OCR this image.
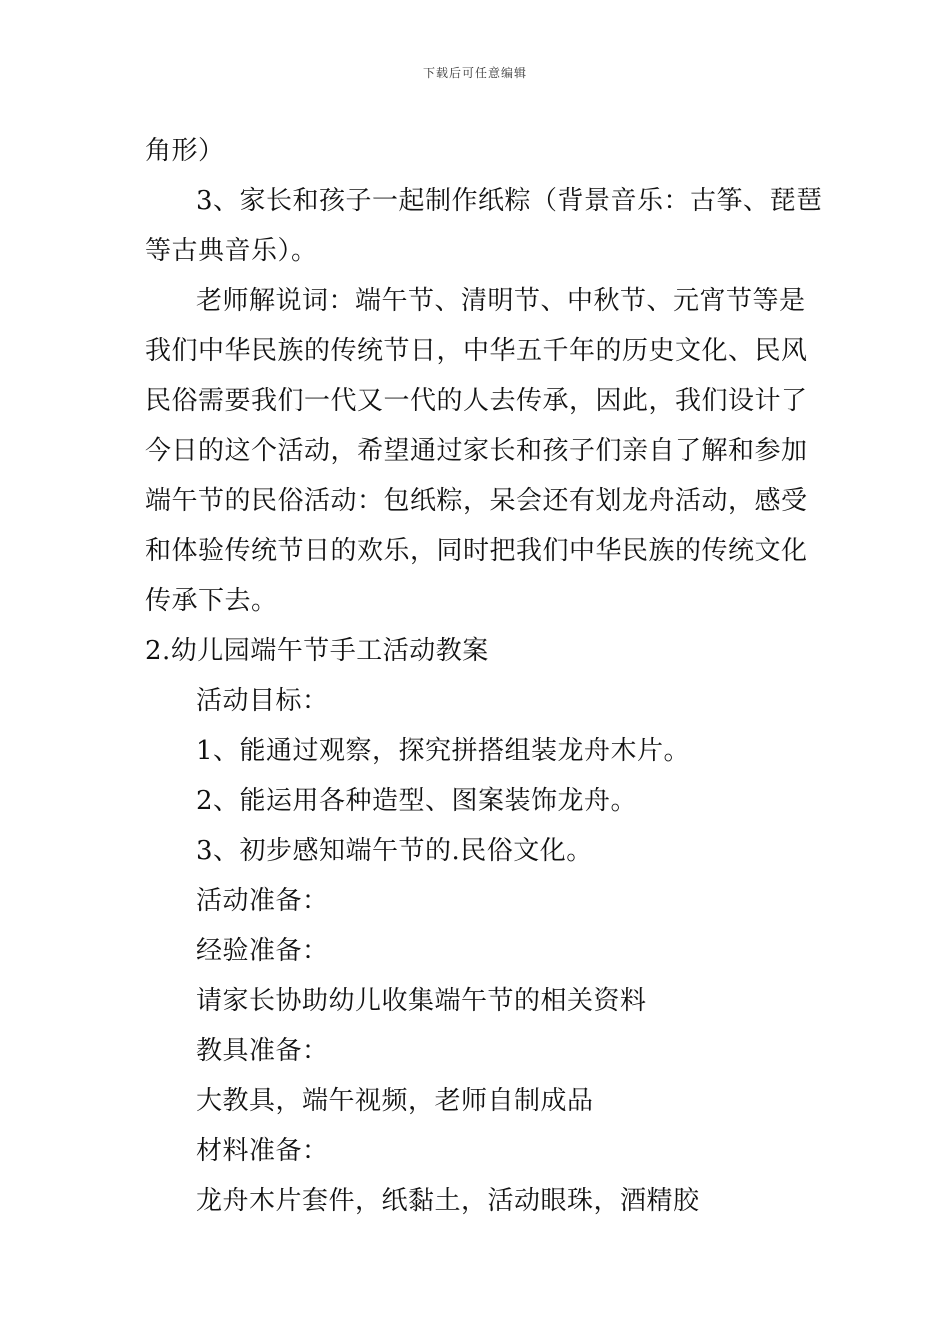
下载后可任意编辑
角形）
3、家长和孩子一起制作纸粽（背景音乐：古筝、琵琶
等古典音乐）。
老师解说词：端午节、清明节、中秋节、元宵节等是
我们中华民族的传统节日，中华五千年的历史文化、民风
民俗需要我们一代又一代的人去传承，因此，我们设计了
今日的这个活动，希望通过家长和孩子们亲自了解和参加
端午节的民俗活动：包纸粽，呆会还有划龙舟活动，感受
和体验传统节日的欢乐，同时把我们中华民族的传统文化
传承下去。
2.幼儿园端午节手工活动教案
活动目标：
1、能通过观察，探究拼搭组装龙舟木片。
2、能运用各种造型、图案装饰龙舟。
3、初步感知端午节的.民俗文化。
活动准备：
经验准备：
请家长协助幼儿收集端午节的相关资料
教具准备：
大教具，端午视频，老师自制成品
材料准备：
龙舟木片套件，纸黏土，活动眼珠，酒精胶
